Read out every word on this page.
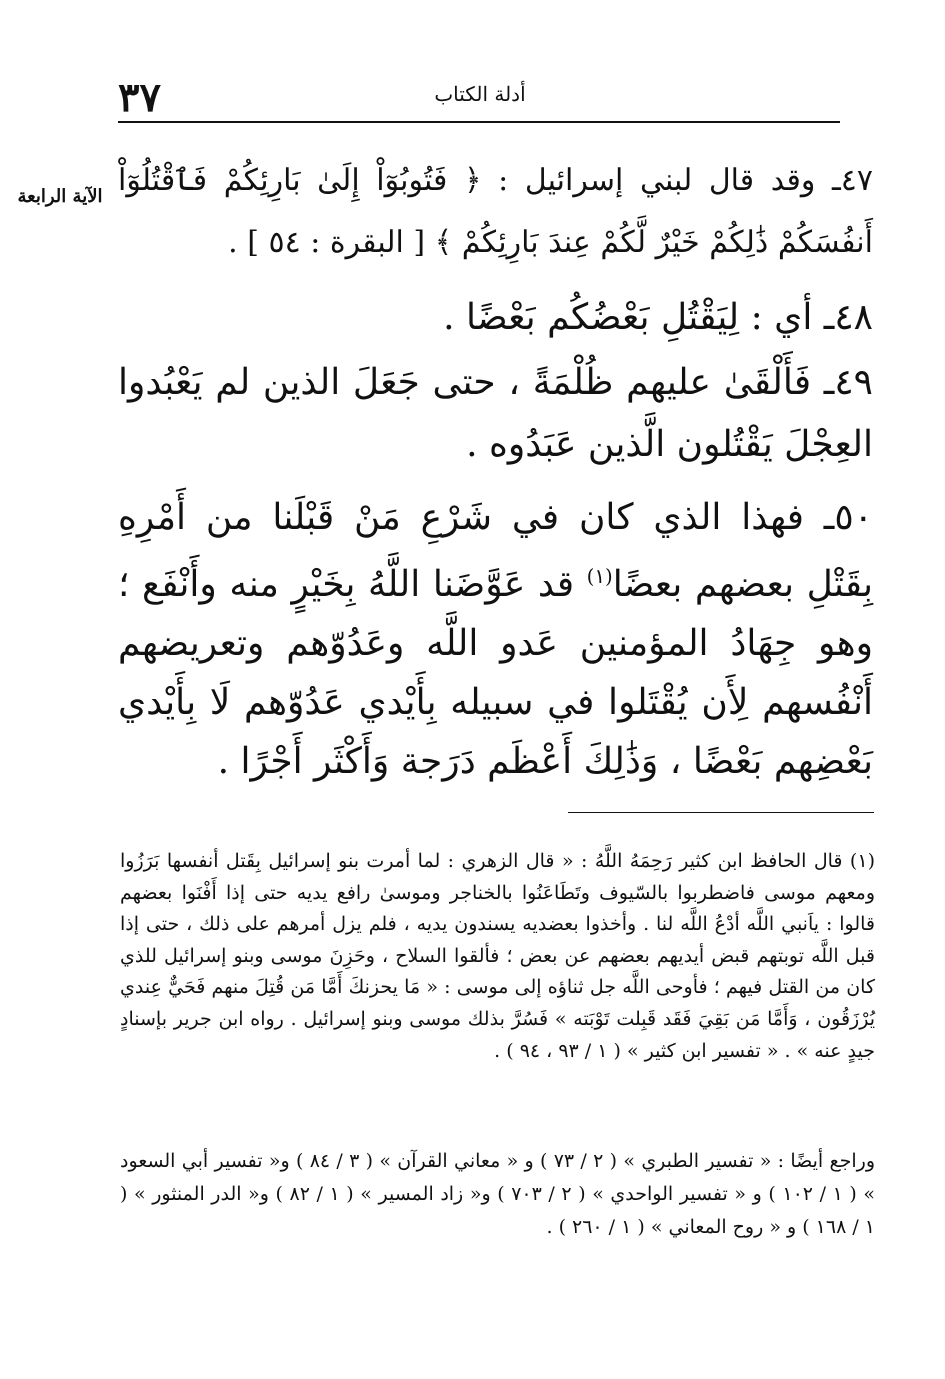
٣٧	أدلة الكتاب
الآية الرابعة ٤٧ـ وقد قال لبني إسرائيل : ﴿ فَتُوبُوٓاْ إِلَىٰ بَارِئِكُمْ فَٱقْتُلُوٓاْ أَنفُسَكُمْ ذَٰلِكُمْ خَيْرٌ لَّكُمْ عِندَ بَارِئِكُمْ ﴾ [ البقرة : ٥٤ ] .
٤٨ـ أي : لِيَقْتُلِ بَعْضُكُم بَعْضًا .
٤٩ـ فَأَلْقَىٰ عليهم ظُلْمَةً ، حتى جَعَلَ الذين لم يَعْبُدوا العِجْلَ يَقْتُلون الَّذين عَبَدُوه .
٥٠ـ فهذا الذي كان في شَرْعِ مَنْ قَبْلَنا من أَمْرِهِ بِقَتْلِ بعضهم بعضًا$^{(١)}$ قد عَوَّضَنا اللَّهُ بِخَيْرٍ منه وأَنْفَع ؛ وهو جِهَادُ المؤمنين عَدو اللَّه وعَدُوّهم وتعريضهم أَنْفُسهم لِأَن يُقْتَلوا في سبيله بِأَيْدي عَدُوّهم لَا بِأَيْدي بَعْضِهم بَعْضًا ، وَذَٰلِكَ أَعْظَم دَرَجة وَأَكْثَر أَجْرًا .
(١) قال الحافظ ابن كثير رَحِمَهُ اللَّهُ : « قال الزهري : لما أمرت بنو إسرائيل بِقَتل أنفسها بَرَزُوا ومعهم موسى فاضطربوا بالسّيوف وتَطَاعَنُوا بالخناجر وموسىٰ رافع يديه حتى إذا أَفْنَوا بعضهم قالوا : ياَنبي اللَّه أدْعُ اللَّه لنا . وأخذوا بعضديه يسندون يديه ، فلم يزل أمرهم على ذلك ، حتى إذا قبل اللَّه توبتهم قبض أيديهم بعضهم عن بعض ؛ فألقوا السلاح ، وحَزِنَ موسى وبنو إسرائيل للذي كان من القتل فيهم ؛ فأوحى اللَّه جل ثناؤه إلى موسى : « مَا يحزنكَ أَمَّا مَن قُتِلَ منهم فَحَيٌّ عِندي يُرْزَقُون ، وَأَمَّا مَن بَقِيَ فَقَد قَبِلت تَوْبَته » فَسُرَّ بذلك موسى وبنو إسرائيل . رواه ابن جرير بإسنادٍ جيدٍ عنه » . « تفسير ابن كثير » ( ١ / ٩٣ ، ٩٤ ) .
وراجع أيضًا : « تفسير الطبري » ( ٢ / ٧٣ ) و « معاني القرآن » ( ٣ / ٨٤ ) و« تفسير أبي السعود » ( ١ / ١٠٢ ) و « تفسير الواحدي » ( ٢ / ٧٠٣ ) و« زاد المسير » ( ١ / ٨٢ ) و« الدر المنثور » ( ١ / ١٦٨ ) و « روح المعاني » ( ١ / ٢٦٠ ) .
